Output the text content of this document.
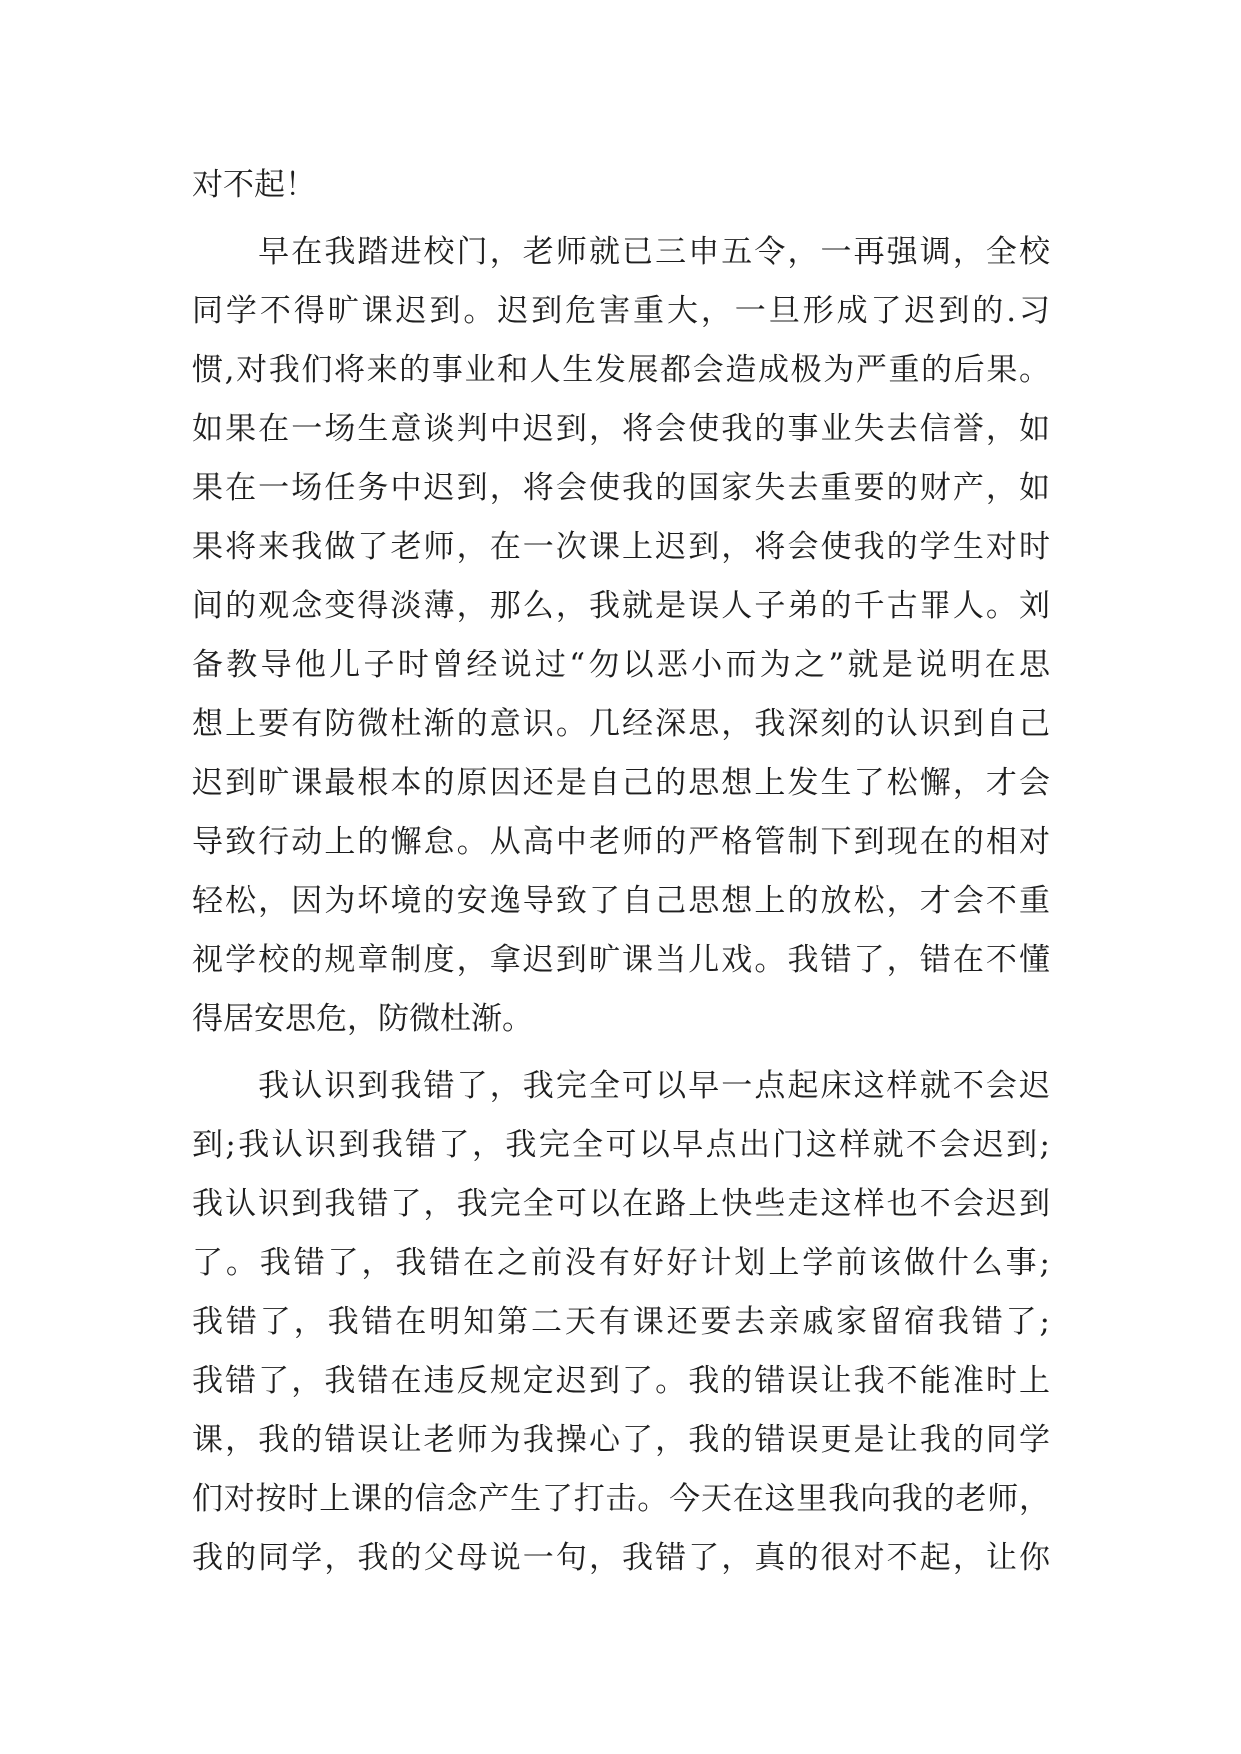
对不起！
　　早在我踏进校门，老师就已三申五令，一再强调，全校
同学不得旷课迟到。迟到危害重大，一旦形成了迟到的.习
惯,对我们将来的事业和人生发展都会造成极为严重的后果。
如果在一场生意谈判中迟到，将会使我的事业失去信誉，如
果在一场任务中迟到，将会使我的国家失去重要的财产，如
果将来我做了老师，在一次课上迟到，将会使我的学生对时
间的观念变得淡薄，那么，我就是误人子弟的千古罪人。刘
备教导他儿子时曾经说过“勿以恶小而为之”就是说明在思
想上要有防微杜渐的意识。几经深思，我深刻的认识到自己
迟到旷课最根本的原因还是自己的思想上发生了松懈，才会
导致行动上的懈怠。从高中老师的严格管制下到现在的相对
轻松，因为坏境的安逸导致了自己思想上的放松，才会不重
视学校的规章制度，拿迟到旷课当儿戏。我错了，错在不懂
得居安思危，防微杜渐。
　　我认识到我错了，我完全可以早一点起床这样就不会迟
到;我认识到我错了，我完全可以早点出门这样就不会迟到;
我认识到我错了，我完全可以在路上快些走这样也不会迟到
了。我错了，我错在之前没有好好计划上学前该做什么事;
我错了，我错在明知第二天有课还要去亲戚家留宿我错了;
我错了，我错在违反规定迟到了。我的错误让我不能准时上
课，我的错误让老师为我操心了，我的错误更是让我的同学
们对按时上课的信念产生了打击。今天在这里我向我的老师，
我的同学，我的父母说一句，我错了，真的很对不起，让你
